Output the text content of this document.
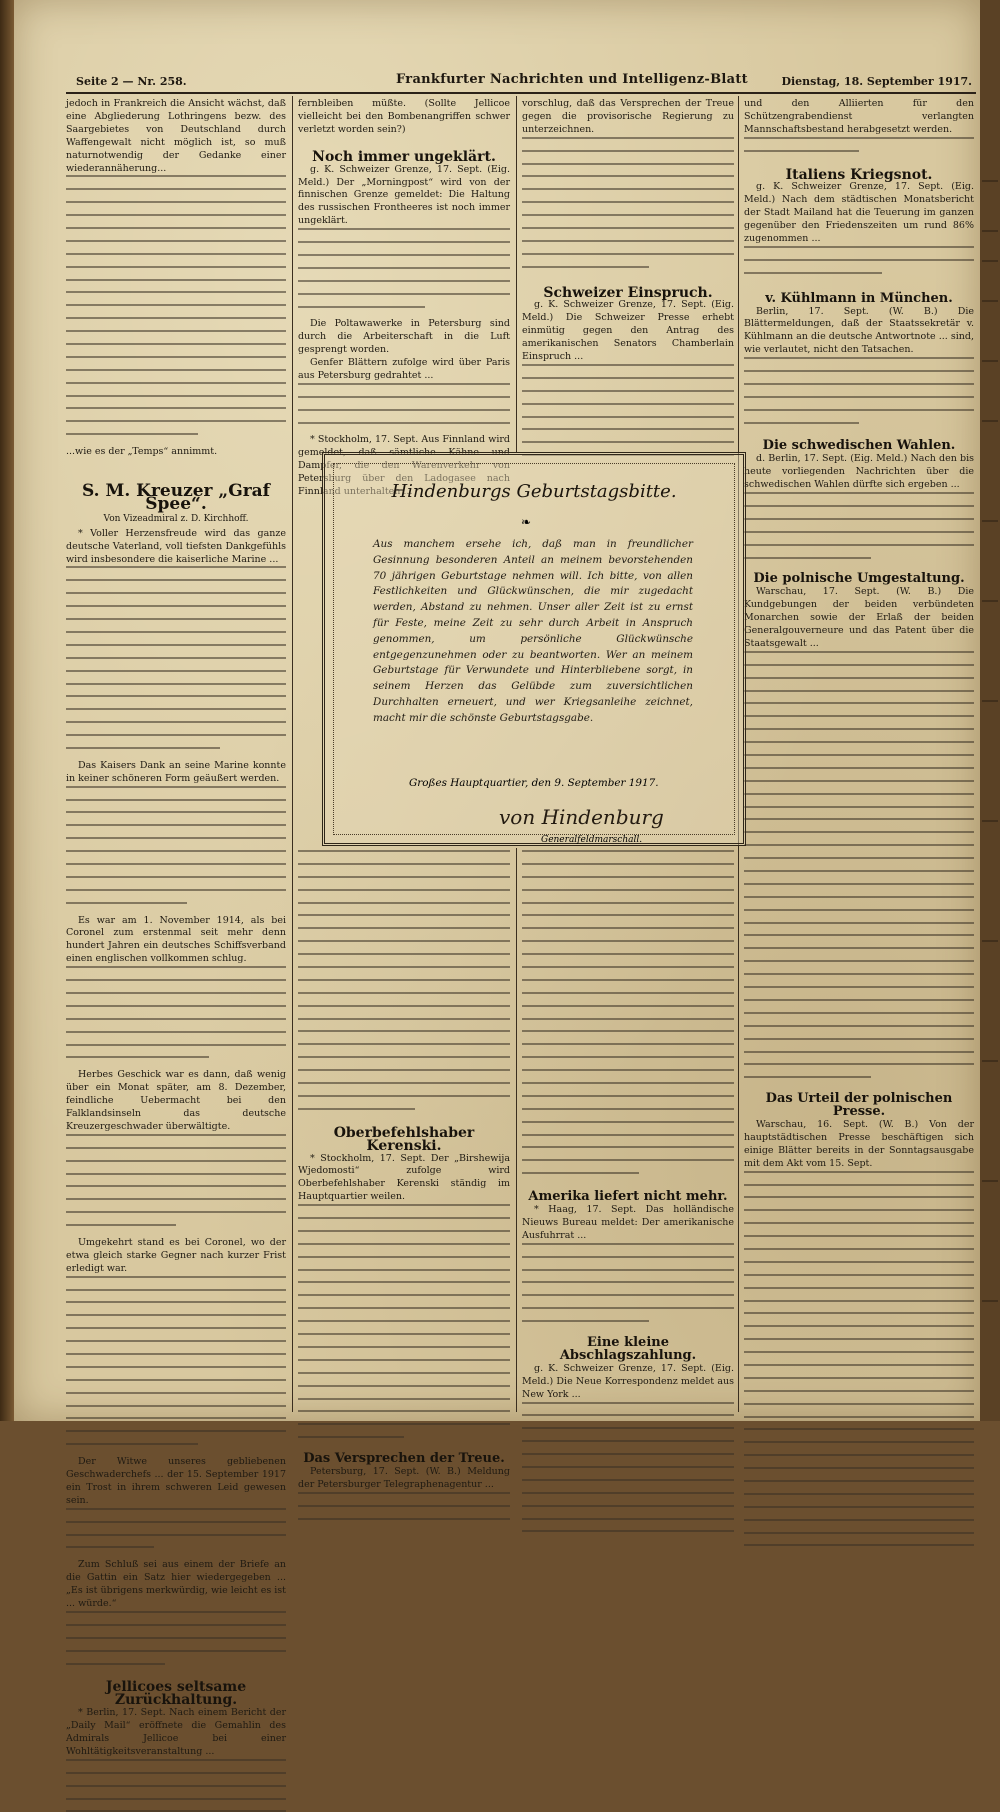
Seite 2 — Nr. 258.	Frankfurter Nachrichten und Intelligenz-Blatt	Dienstag, 18. September 1917.

jedoch in Frankreich die Ansicht wächst, daß eine Abgliederung Lothringens bezw. des Saargebietes von Deutschland durch Waffengewalt nicht möglich ist, so muß naturnotwendig der Gedanke einer wiederannäherung...

...wie es der „Temps“ annimmt.

S. M. Kreuzer „Graf Spee“.

Von Vizeadmiral z. D. Kirchhoff.

* Voller Herzensfreude wird das ganze deutsche Vaterland, voll tiefsten Dankgefühls wird insbesondere die kaiserliche Marine ...

Das Kaisers Dank an seine Marine konnte in keiner schöneren Form geäußert werden.

Es war am 1. November 1914, als bei Coronel zum erstenmal seit mehr denn hundert Jahren ein deutsches Schiffsverband einen englischen vollkommen schlug.

Herbes Geschick war es dann, daß wenig über ein Monat später, am 8. Dezember, feindliche Uebermacht bei den Falklandsinseln das deutsche Kreuzergeschwader überwältigte.

Umgekehrt stand es bei Coronel, wo der etwa gleich starke Gegner nach kurzer Frist erledigt war.

Der Witwe unseres gebliebenen Geschwaderchefs ... der 15. September 1917 ein Trost in ihrem schweren Leid gewesen sein.

Zum Schluß sei aus einem der Briefe an die Gattin ein Satz hier wiedergegeben ... „Es ist übrigens merkwürdig, wie leicht es ist ... würde.“

Jellicoes seltsame Zurückhaltung.

* Berlin, 17. Sept. Nach einem Bericht der „Daily Mail“ eröffnete die Gemahlin des Admirals Jellicoe bei einer Wohltätigkeitsveranstaltung ...

fernbleiben müßte. (Sollte Jellicoe vielleicht bei den Bombenangriffen schwer verletzt worden sein?)

Noch immer ungeklärt.

g. K. Schweizer Grenze, 17. Sept. (Eig. Meld.) Der „Morningpost“ wird von der finnischen Grenze gemeldet: Die Haltung des russischen Frontheeres ist noch immer ungeklärt.

Die Poltawawerke in Petersburg sind durch die Arbeiterschaft in die Luft gesprengt worden.

Genfer Blättern zufolge wird über Paris aus Petersburg gedrahtet ...

* Stockholm, 17. Sept. Aus Finnland wird gemeldet, daß sämtliche Kähne und Dampfer, die den Warenverkehr von Petersburg über den Ladogasee nach Finnland unterhalten ...

Oberbefehlshaber Kerenski.

* Stockholm, 17. Sept. Der „Birshewija Wjedomosti“ zufolge wird Oberbefehlshaber Kerenski ständig im Hauptquartier weilen.

Das Versprechen der Treue.

Petersburg, 17. Sept. (W. B.) Meldung der Petersburger Telegraphenagentur ...

vorschlug, daß das Versprechen der Treue gegen die provisorische Regierung zu unterzeichnen.

Schweizer Einspruch.

g. K. Schweizer Grenze, 17. Sept. (Eig. Meld.) Die Schweizer Presse erhebt einmütig gegen den Antrag des amerikanischen Senators Chamberlain Einspruch ...

Amerika liefert nicht mehr.

* Haag, 17. Sept. Das holländische Nieuws Bureau meldet: Der amerikanische Ausfuhrrat ...

Eine kleine Abschlagszahlung.

g. K. Schweizer Grenze, 17. Sept. (Eig. Meld.) Die Neue Korrespondenz meldet aus New York ...

und den Alliierten für den Schützengrabendienst verlangten Mannschaftsbestand herabgesetzt werden.

Italiens Kriegsnot.

g. K. Schweizer Grenze, 17. Sept. (Eig. Meld.) Nach dem städtischen Monatsbericht der Stadt Mailand hat die Teuerung im ganzen gegenüber den Friedenszeiten um rund 86% zugenommen ...

v. Kühlmann in München.

Berlin, 17. Sept. (W. B.) Die Blättermeldungen, daß der Staatssekretär v. Kühlmann an die deutsche Antwortnote ... sind, wie verlautet, nicht den Tatsachen.

Die schwedischen Wahlen.

d. Berlin, 17. Sept. (Eig. Meld.) Nach den bis heute vorliegenden Nachrichten über die schwedischen Wahlen dürfte sich ergeben ...

Die polnische Umgestaltung.

Warschau, 17. Sept. (W. B.) Die Kundgebungen der beiden verbündeten Monarchen sowie der Erlaß der beiden Generalgouverneure und das Patent über die Staatsgewalt ...

Das Urteil der polnischen Presse.

Warschau, 16. Sept. (W. B.) Von der hauptstädtischen Presse beschäftigen sich einige Blätter bereits in der Sonntagsausgabe mit dem Akt vom 15. Sept.

Hindenburgs Geburtstagsbitte.
❧
Aus manchem ersehe ich, daß man in freundlicher Gesinnung besonderen Anteil an meinem bevorstehenden 70 jährigen Geburtstage nehmen will. Ich bitte, von allen Festlichkeiten und Glückwünschen, die mir zugedacht werden, Abstand zu nehmen. Unser aller Zeit ist zu ernst für Feste, meine Zeit zu sehr durch Arbeit in Anspruch genommen, um persönliche Glückwünsche entgegenzunehmen oder zu beantworten. Wer an meinem Geburtstage für Verwundete und Hinterbliebene sorgt, in seinem Herzen das Gelübde zum zuversichtlichen Durchhalten erneuert, und wer Kriegsanleihe zeichnet, macht mir die schönste Geburtstagsgabe.
Großes Hauptquartier, den 9. September 1917.
von Hindenburg
Generalfeldmarschall.
